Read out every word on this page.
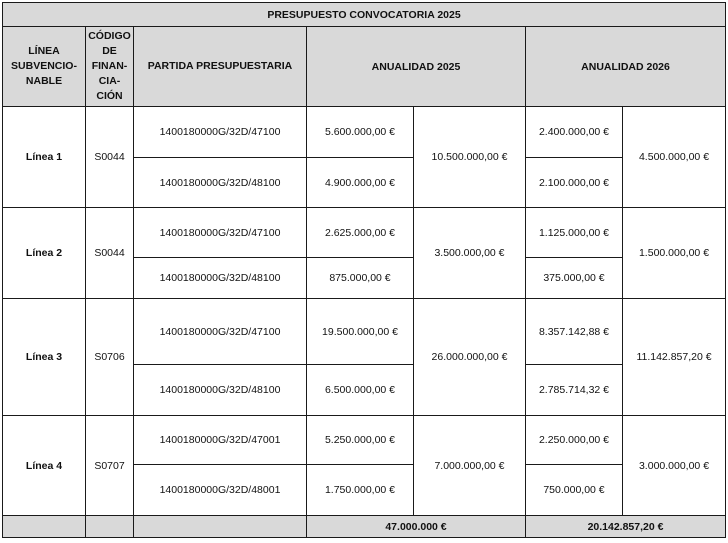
PRESUPUESTO CONVOCATORIA 2025						
LÍNEA SUBVENCIO-NABLE	CÓDIGO DE FINAN-CIA-CIÓN	PARTIDA PRESUPUESTARIA	ANUALIDAD 2025		ANUALIDAD 2026	
Línea 1	S0044	1400180000G/32D/47100	5.600.000,00 €	10.500.000,00 €	2.400.000,00 €	4.500.000,00 €
		1400180000G/32D/48100	4.900.000,00 €		2.100.000,00 €	
Línea 2	S0044	1400180000G/32D/47100	2.625.000,00 €	3.500.000,00 €	1.125.000,00 €	1.500.000,00 €
		1400180000G/32D/48100	875.000,00 €		375.000,00 €	
Línea 3	S0706	1400180000G/32D/47100	19.500.000,00 €	26.000.000,00 €	8.357.142,88 €	11.142.857,20 €
		1400180000G/32D/48100	6.500.000,00 €		2.785.714,32 €	
Línea 4	S0707	1400180000G/32D/47001	5.250.000,00 €	7.000.000,00 €	2.250.000,00 €	3.000.000,00 €
		1400180000G/32D/48001	1.750.000,00 €		750.000,00 €	
			47.000.000 €		20.142.857,20 €	
